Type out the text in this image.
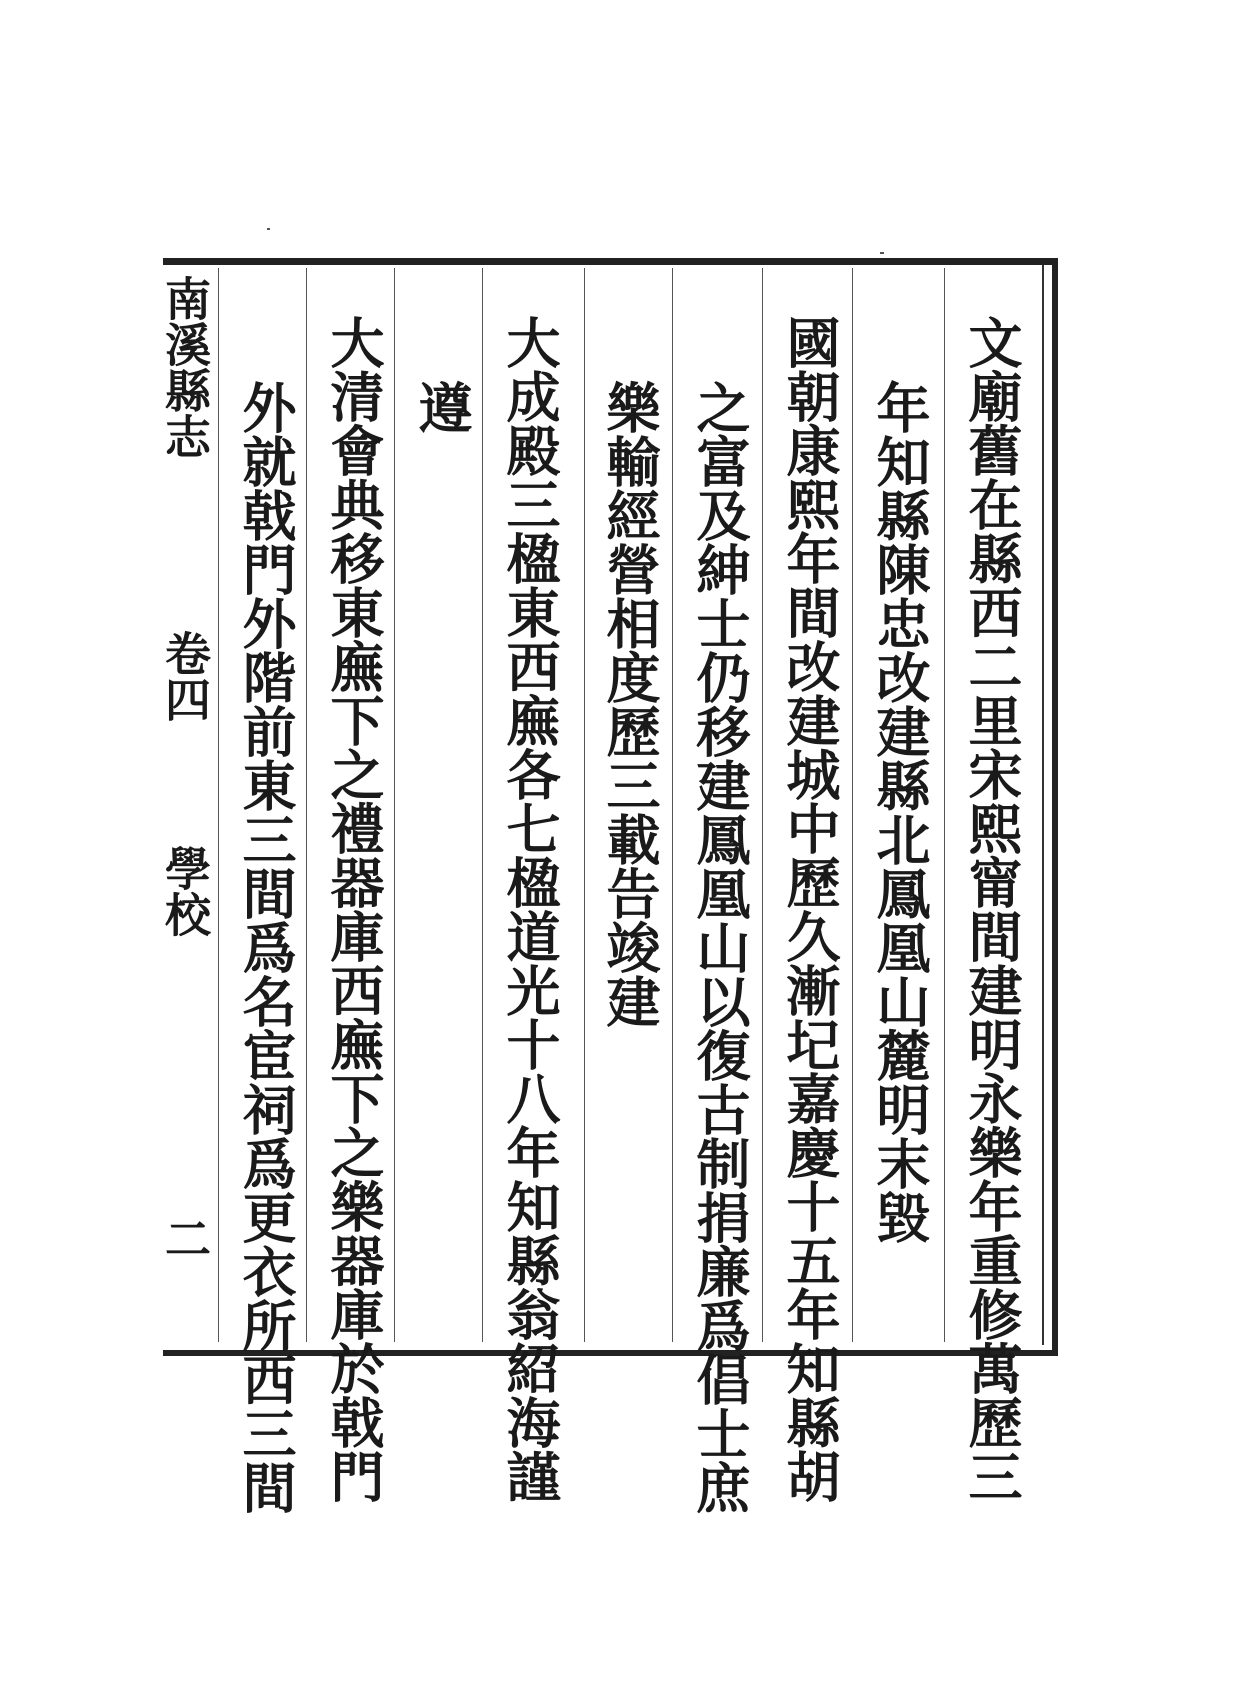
南溪縣志
卷四
學校
二	文廟舊在縣西二里宋熙甯間建明永樂年重修萬歷三
年知縣陳忠改建縣北鳳凰山麓明末毀
國朝康熙年間改建城中歷久漸圮嘉慶十五年知縣胡
之富及紳士仍移建鳳凰山以復古制捐廉爲倡士庶
樂輸經營相度歷三載告竣建
大成殿三楹東西廡各七楹道光十八年知縣翁紹海謹
遵
大清會典移東廡下之禮器庫西廡下之樂器庫於戟門
外就戟門外階前東三間爲名宦祠爲更衣所西三間
